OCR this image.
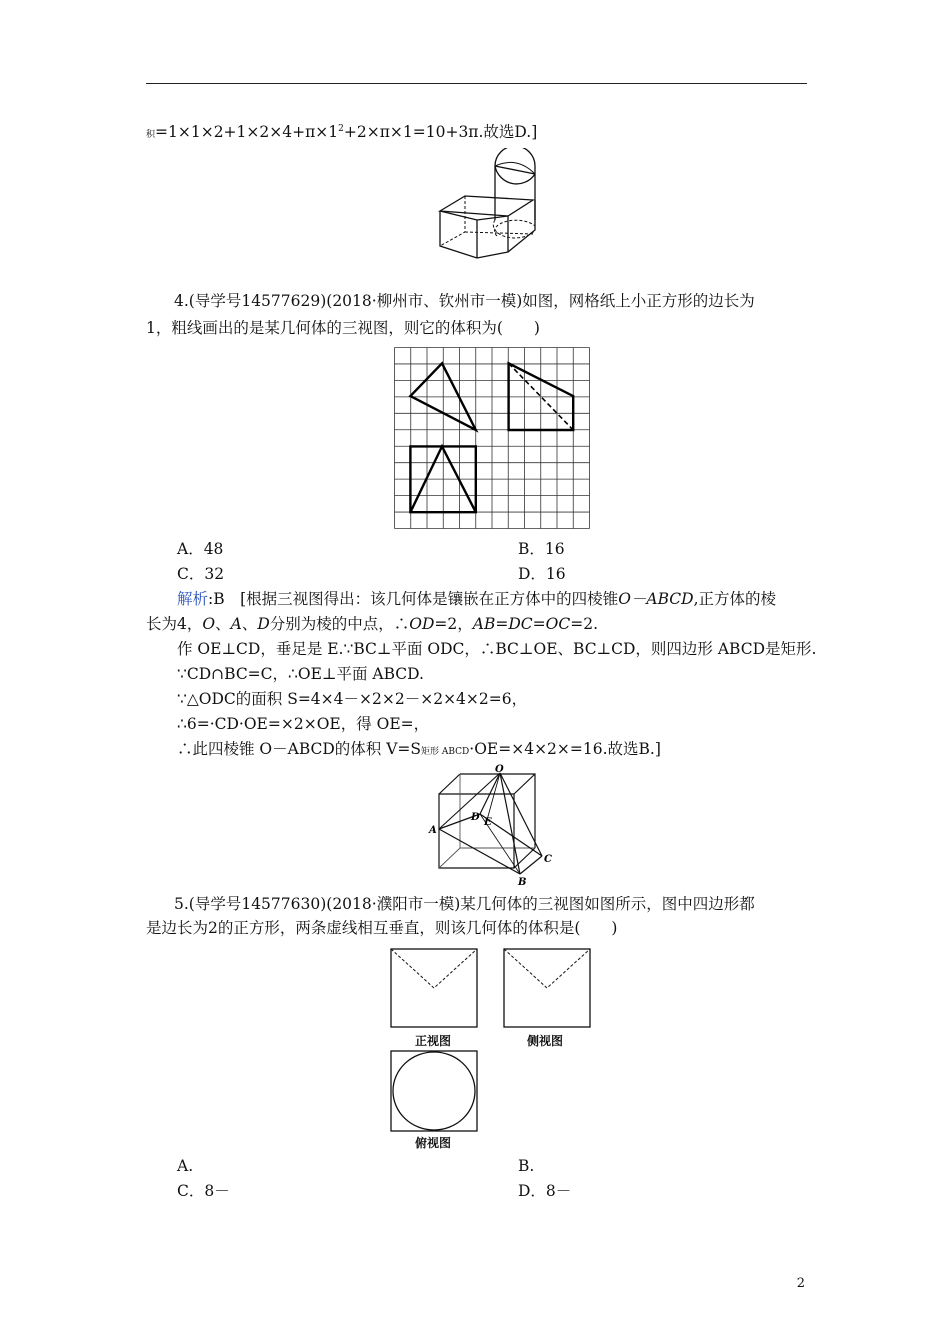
积$=1\times 1\times 2+1\times 2\times 4+\pi\times 1^2+2\times\pi\times 1=10+3\pi$.故选D.]
4.(导学号14577629)(2018·柳州市、钦州市一模)如图，网格纸上小正方形的边长为
1，粗线画出的是某几何体的三视图，则它的体积为(　　)
A．48	B．16
C．32	D．16
解析:B　[根据三视图得出：该几何体是镶嵌在正方体中的四棱锥O－ABCD,正方体的棱
长为4，O、A、D分别为棱的中点，∴OD=2，AB=DC=OC=2.
作 OE⊥CD，垂足是 E.∵BC⊥平面 ODC，∴BC⊥OE、BC⊥CD，则四边形 ABCD是矩形.
∵CD∩BC=C，∴OE⊥平面 ABCD.
∵△ODC的面积 S=4×4－×2×2－×2×4×2=6，
∴6=·CD·OE=×2×OE，得 OE=，
∴此四棱锥 O－ABCD的体积 V=S矩形 ABCD·OE=×4×2×=16.故选B.]
O
A
D E
C
B
5.(导学号14577630)(2018·濮阳市一模)某几何体的三视图如图所示，图中四边形都
是边长为2的正方形，两条虚线相互垂直，则该几何体的体积是(　　)
正视图	侧视图
俯视图
A.	B.
C．8－	D．8－
2
